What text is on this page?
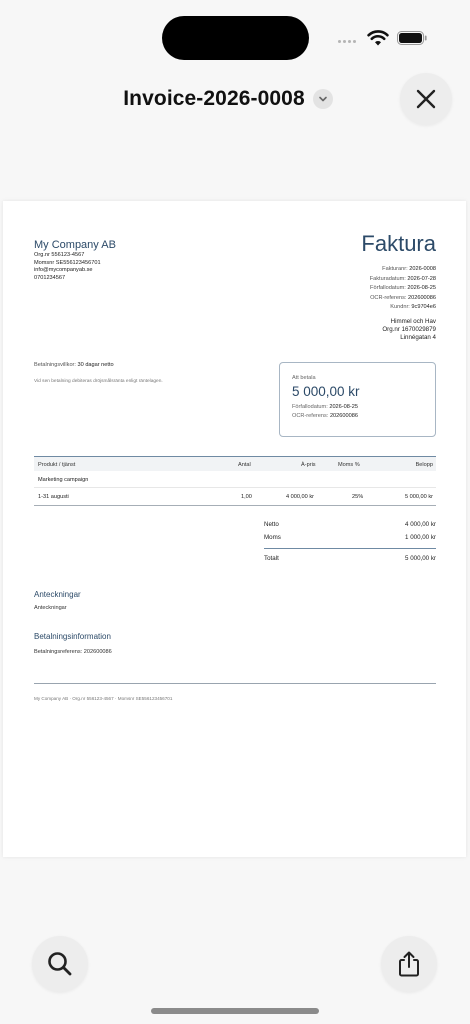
Invoice-2026-0008
My Company AB
Org.nr 556123-4567
Momsnr SE556123456701
info@mycompanyab.se
0701234567
Faktura
Fakturanr: 2026-0008
Fakturadatum: 2026-07-28
Förfallodatum: 2026-08-25
OCR-referens: 202600086
Kundnr: 9c9704e6
Himmel och Hav
Org.nr 1670029879
Linnégatan 4
Betalningsvillkor: 30 dagar netto
Vid sen betalning debiteras dröjsmålsränta enligt räntelagen.
Att betala
5 000,00 kr
Förfallodatum: 2026-08-25
OCR-referens: 202600086
Produkt / tjänst	Antal	À-pris	Moms %	Belopp
Marketing campaign
1-31 augusti	1,00	4 000,00 kr	25%	5 000,00 kr
Netto	4 000,00 kr
Moms	1 000,00 kr
Totalt	5 000,00 kr
Anteckningar
Anteckningar
Betalningsinformation
Betalningsreferens: 202600086
My Company AB · Org.nr 556123-4567 · Momsnr SE556123456701
